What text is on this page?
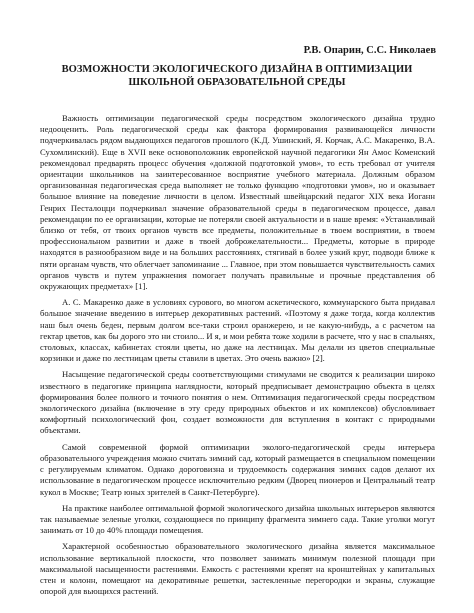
Р.В. Опарин, С.С. Николаев
ВОЗМОЖНОСТИ ЭКОЛОГИЧЕСКОГО ДИЗАЙНА В ОПТИМИЗАЦИИ
ШКОЛЬНОЙ ОБРАЗОВАТЕЛЬНОЙ СРЕДЫ

Важность оптимизации педагогической среды посредством экологического дизайна трудно недооценить. Роль педагогической среды как фактора формирования развивающейся личности подчеркивалась рядом выдающихся педагогов прошлого (К.Д. Ушинский, Я. Корчак, А.С. Макаренко, В.А. Сухомлинский). Еще в XVII веке основоположник европейской научной педагогики Ян Амос Коменский рекомендовал предварять процесс обучения «должной подготовкой умов», то есть требовал от учителя ориентации школьников на заинтересованное восприятие учебного материала. Должным образом организованная педагогическая среда выполняет не только функцию «подготовки умов», но и оказывает большое влияние на поведение личности в целом. Известный швейцарский педагог XIX века Иоганн Генрих Песталоцци подчеркивал значение образовательной среды в педагогическом процессе, давал рекомендации по ее организации, которые не потеряли своей актуальности и в наше время: «Устанавливай близко от тебя, от твоих органов чувств все предметы, положительные в твоем восприятии, в твоем профессиональном развитии и даже в твоей доброжелательности... Предметы, которые в природе находятся в разнообразном виде и на больших расстояниях, стягивай в более узкий круг, подводи ближе к пяти органам чувств, что облегчает запоминание ... Главное, при этом повышается чувствительность самих органов чувств и путем упражнения помогает получать правильные и прочные представления об окружающих предметах» [1].

А. С. Макаренко даже в условиях сурового, во многом аскетического, коммунарского быта придавал большое значение введению в интерьер декоративных растений. «Поэтому я даже тогда, когда коллектив наш был очень беден, первым долгом все-таки строил оранжерею, и не какую-нибудь, а с расчетом на гектар цветов, как бы дорого это ни стоило... И я, и мои ребята тоже ходили в расчете, что у нас в спальнях, столовых, классах, кабинетах стояли цветы, но даже на лестницах. Мы делали из цветов специальные корзинки и даже по лестницам цветы ставили в цветах. Это очень важно» [2].

Насыщение педагогической среды соответствующими стимулами не сводится к реализации широко известного в педагогике принципа наглядности, который предписывает демонстрацию объекта в целях формирования более полного и точного понятия о нем. Оптимизация педагогической среды посредством экологического дизайна (включение в эту среду природных объектов и их комплексов) обусловливает комфортный психологический фон, создает возможности для вступления в контакт с природными объектами.

Самой современной формой оптимизации эколого-педагогической среды интерьера образовательного учреждения можно считать зимний сад, который размещается в специальном помещении с регулируемым климатом. Однако дороговизна и трудоемкость содержания зимних садов делают их использование в педагогическом процессе исключительно редким (Дворец пионеров и Центральный театр кукол в Москве; Театр юных зрителей в Санкт-Петербурге).

На практике наиболее оптимальной формой экологического дизайна школьных интерьеров являются так называемые зеленые уголки, создающиеся по принципу фрагмента зимнего сада. Такие уголки могут занимать от 10 до 40% площади помещения.

Характерной особенностью образовательного экологического дизайна является максимальное использование вертикальной плоскости, что позволяет занимать минимум полезной площади при максимальной насыщенности растениями. Емкость с растениями крепят на кронштейнах у капитальных стен и колонн, помещают на декоративные решетки, застекленные перегородки и экраны, служащие опорой для вьющихся растений.
